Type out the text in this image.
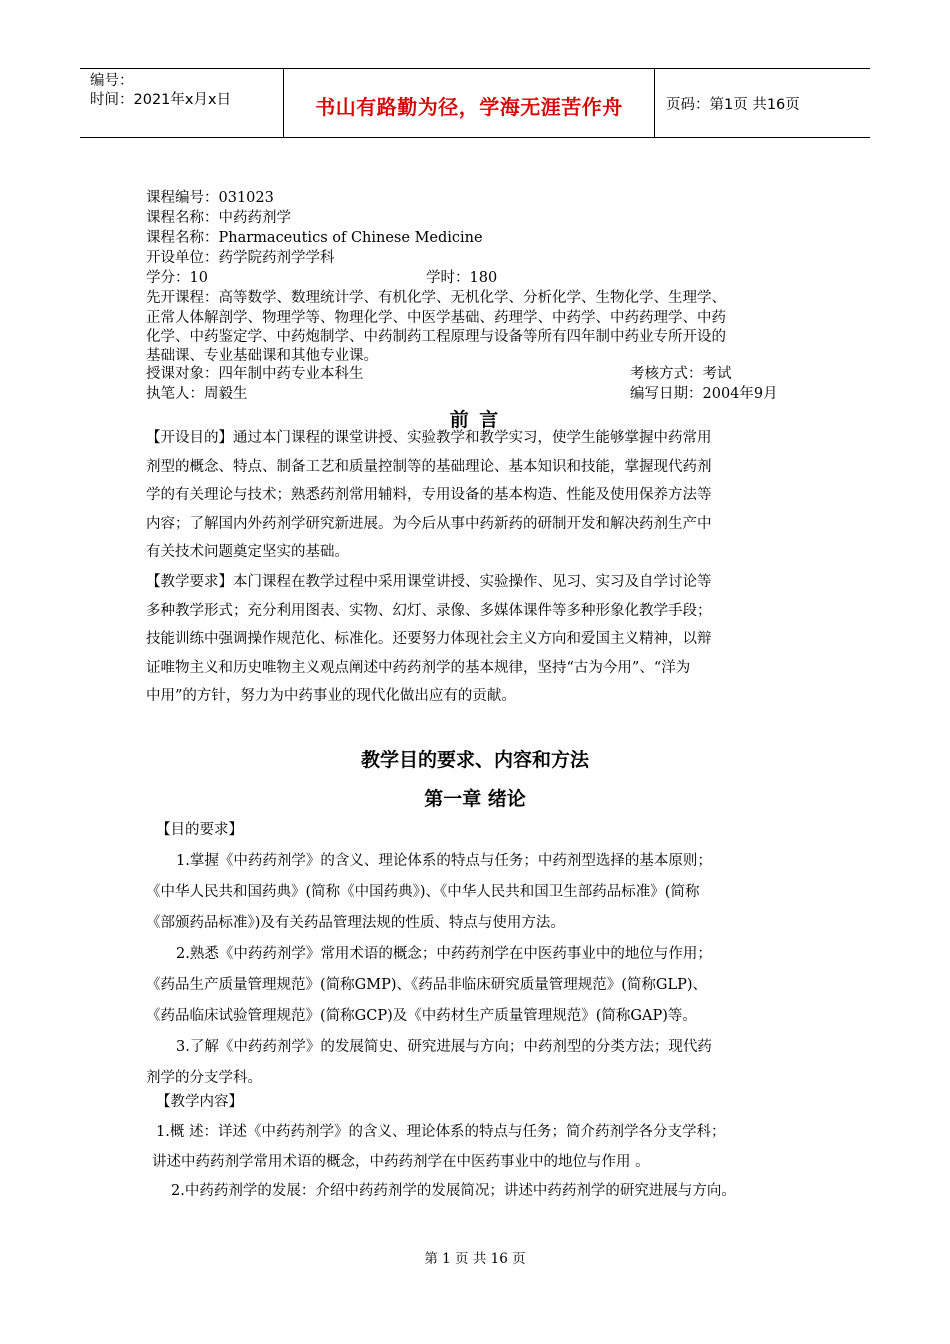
编号：
时间：2021年x月x日	书山有路勤为径，学海无涯苦作舟	页码：第1页 共16页
课程编号：031023
课程名称：中药药剂学
课程名称：Pharmaceutics of Chinese Medicine
开设单位：药学院药剂学学科
学分：10	学时：180
先开课程：高等数学、数理统计学、有机化学、无机化学、分析化学、生物化学、生理学、
正常人体解剖学、物理学等、物理化学、中医学基础、药理学、中药学、中药药理学、中药
化学、中药鉴定学、中药炮制学、中药制药工程原理与设备等所有四年制中药业专所开设的
基础课、专业基础课和其他专业课。
授课对象：四年制中药专业本科生	考核方式：考试
执笔人：周毅生	编写日期：2004年9月
前 言
【开设目的】通过本门课程的课堂讲授、实验教学和教学实习，使学生能够掌握中药常用
剂型的概念、特点、制备工艺和质量控制等的基础理论、基本知识和技能，掌握现代药剂
学的有关理论与技术；熟悉药剂常用辅料，专用设备的基本构造、性能及使用保养方法等
内容；了解国内外药剂学研究新进展。为今后从事中药新药的研制开发和解决药剂生产中
有关技术问题奠定坚实的基础。
【教学要求】本门课程在教学过程中采用课堂讲授、实验操作、见习、实习及自学讨论等
多种教学形式；充分利用图表、实物、幻灯、录像、多媒体课件等多种形象化教学手段；
技能训练中强调操作规范化、标准化。还要努力体现社会主义方向和爱国主义精神，以辩
证唯物主义和历史唯物主义观点阐述中药药剂学的基本规律，坚持“古为今用”、“洋为
中用”的方针，努力为中药事业的现代化做出应有的贡献。
教学目的要求、内容和方法
第一章 绪论
【目的要求】
1.掌握《中药药剂学》的含义、理论体系的特点与任务；中药剂型选择的基本原则；
《中华人民共和国药典》(简称《中国药典》)、《中华人民共和国卫生部药品标准》(简称
《部颁药品标准》)及有关药品管理法规的性质、特点与使用方法。
2.熟悉《中药药剂学》常用术语的概念；中药药剂学在中医药事业中的地位与作用；
《药品生产质量管理规范》(简称GMP)、《药品非临床研究质量管理规范》(简称GLP)、
《药品临床试验管理规范》(简称GCP)及《中药材生产质量管理规范》(简称GAP)等。
3.了解《中药药剂学》的发展简史、研究进展与方向；中药剂型的分类方法；现代药
剂学的分支学科。
【教学内容】
1.概 述：详述《中药药剂学》的含义、理论体系的特点与任务；简介药剂学各分支学科；
讲述中药药剂学常用术语的概念，中药药剂学在中医药事业中的地位与作用 。
2.中药药剂学的发展：介绍中药药剂学的发展简况；讲述中药药剂学的研究进展与方向。
第 1 页 共 16 页
